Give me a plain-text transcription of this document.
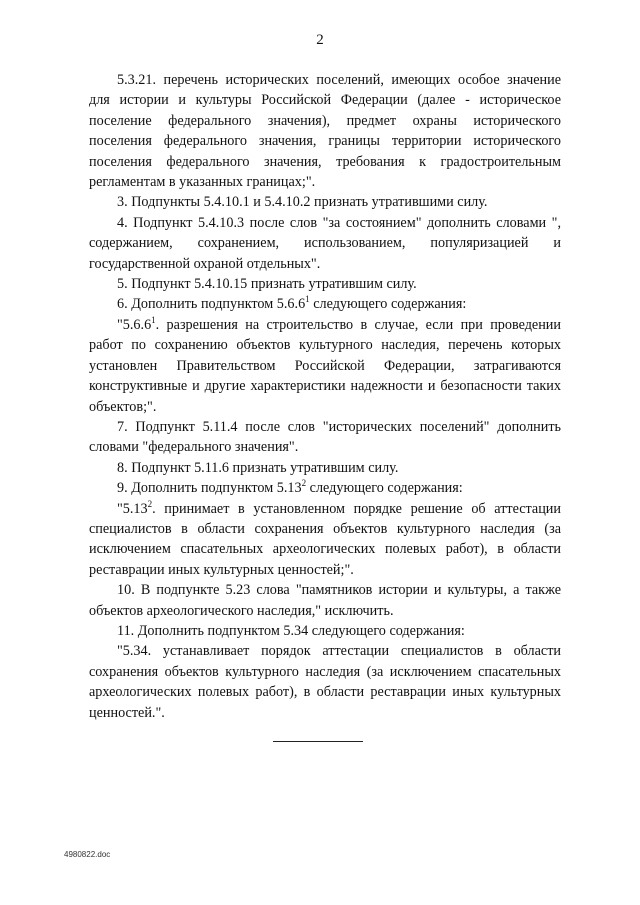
2

5.3.21. перечень исторических поселений, имеющих особое значение для истории и культуры Российской Федерации (далее - историческое поселение федерального значения), предмет охраны исторического поселения федерального значения, границы территории исторического поселения федерального значения, требования к градостроительным регламентам в указанных границах;".

3. Подпункты 5.4.10.1 и 5.4.10.2 признать утратившими силу.

4. Подпункт 5.4.10.3 после слов "за состоянием" дополнить словами ", содержанием, сохранением, использованием, популяризацией и государственной охраной отдельных".

5. Подпункт 5.4.10.15 признать утратившим силу.

6. Дополнить подпунктом 5.6.6$^1$ следующего содержания:

"5.6.6$^1$. разрешения на строительство в случае, если при проведении работ по сохранению объектов культурного наследия, перечень которых установлен Правительством Российской Федерации, затрагиваются конструктивные и другие характеристики надежности и безопасности таких объектов;".

7. Подпункт 5.11.4 после слов "исторических поселений" дополнить словами "федерального значения".

8. Подпункт 5.11.6 признать утратившим силу.

9. Дополнить подпунктом 5.13$^2$ следующего содержания:

"5.13$^2$. принимает в установленном порядке решение об аттестации специалистов в области сохранения объектов культурного наследия (за исключением спасательных археологических полевых работ), в области реставрации иных культурных ценностей;".

10. В подпункте 5.23 слова "памятников истории и культуры, а также объектов археологического наследия," исключить.

11. Дополнить подпунктом 5.34 следующего содержания:

"5.34. устанавливает порядок аттестации специалистов в области сохранения объектов культурного наследия (за исключением спасательных археологических полевых работ), в области реставрации иных культурных ценностей.".

4980822.doc
